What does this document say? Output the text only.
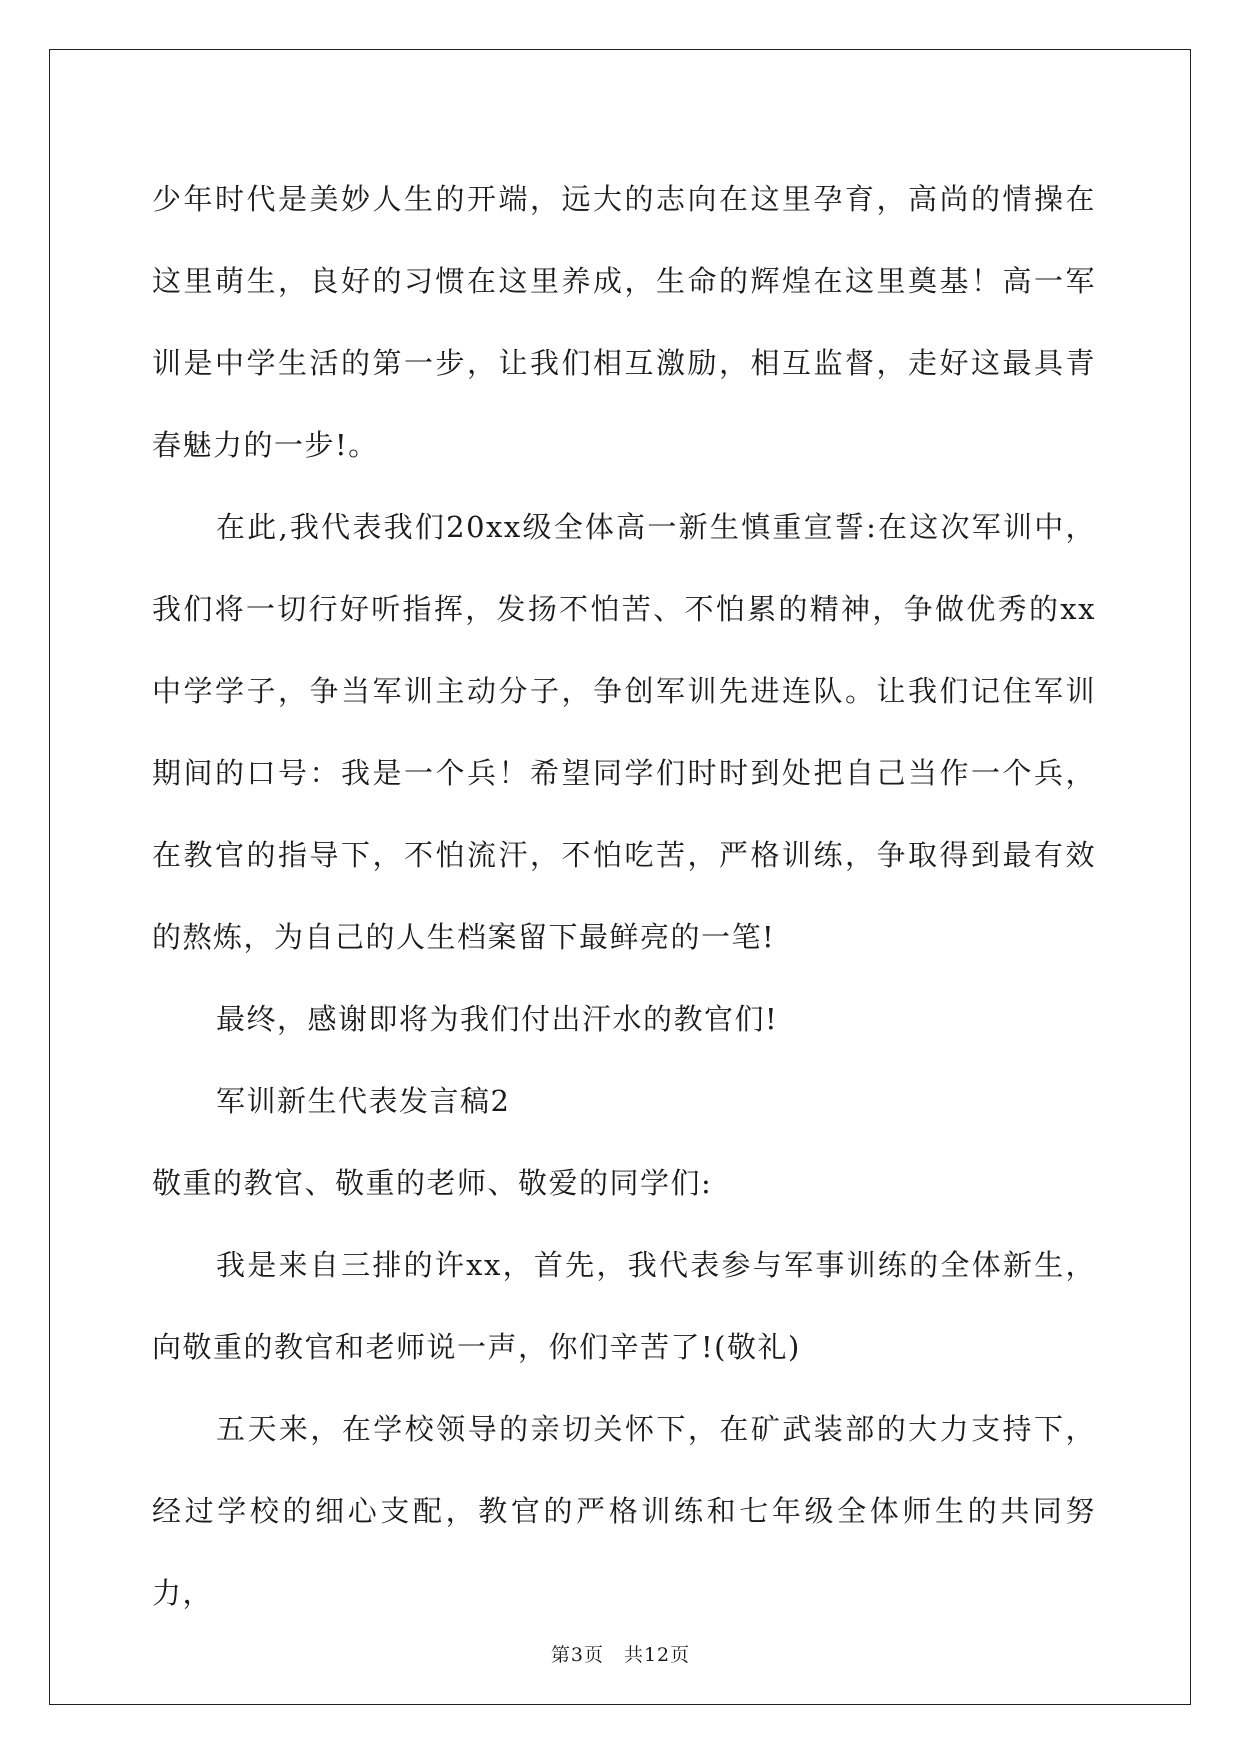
少年时代是美妙人生的开端，远大的志向在这里孕育，高尚的情操在这里萌生，良好的习惯在这里养成，生命的辉煌在这里奠基！高一军训是中学生活的第一步，让我们相互激励，相互监督，走好这最具青春魅力的一步!。

在此,我代表我们20xx级全体高一新生慎重宣誓:在这次军训中，我们将一切行好听指挥，发扬不怕苦、不怕累的精神，争做优秀的xx中学学子，争当军训主动分子，争创军训先进连队。让我们记住军训期间的口号：我是一个兵！希望同学们时时到处把自己当作一个兵，在教官的指导下，不怕流汗，不怕吃苦，严格训练，争取得到最有效的熬炼，为自己的人生档案留下最鲜亮的一笔!

最终，感谢即将为我们付出汗水的教官们!

军训新生代表发言稿2

敬重的教官、敬重的老师、敬爱的同学们:

我是来自三排的许xx，首先，我代表参与军事训练的全体新生，向敬重的教官和老师说一声，你们辛苦了!(敬礼)

五天来，在学校领导的亲切关怀下，在矿武装部的大力支持下，经过学校的细心支配，教官的严格训练和七年级全体师生的共同努力，

第3页　共12页
